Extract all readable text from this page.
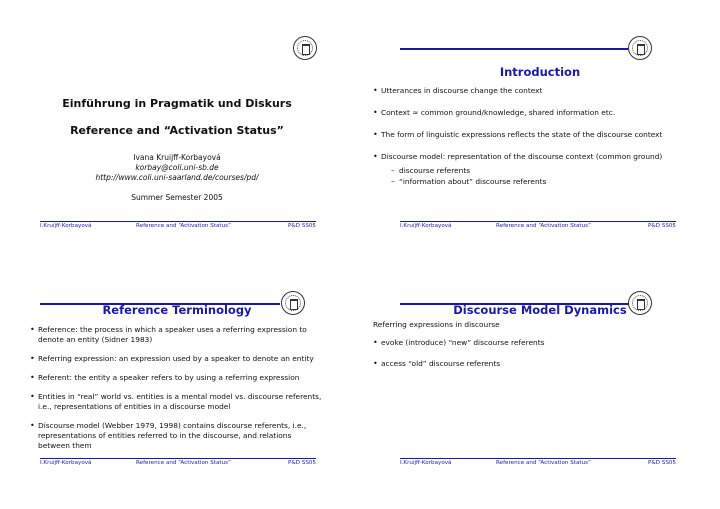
Einführung in Pragmatik und Diskurs
Reference and “Activation Status”
Ivana Kruijff-Korbayová
korbay@coli.uni-sb.de
http://www.coli.uni-saarland.de/courses/pd/
Summer Semester 2005
I.Kruijff-Korbayová	Reference and “Activation Status”	P&D SS05
Introduction
• Utterances in discourse change the context
• Context ≈ common ground/knowledge, shared information etc.
• The form of linguistic expressions reflects the state of the discourse context
• Discourse model: representation of the discourse context (common ground)
– discourse referents
– “information about” discourse referents
I.Kruijff-Korbayová	Reference and “Activation Status”	P&D SS05
Reference Terminology
• Reference: the process in which a speaker uses a referring expression to denote an entity (Sidner 1983)
• Referring expression: an expression used by a speaker to denote an entity
• Referent: the entity a speaker refers to by using a referring expression
• Entities in “real” world vs. entities is a mental model vs. discourse referents, i.e., representations of entities in a discourse model
• Discourse model (Webber 1979, 1998) contains discourse referents, i.e., representations of entities referred to in the discourse, and relations between them
I.Kruijff-Korbayová	Reference and “Activation Status”	P&D SS05
Discourse Model Dynamics
Referring expressions in discourse
• evoke (introduce) “new” discourse referents
• access “old” discourse referents
I.Kruijff-Korbayová	Reference and “Activation Status”	P&D SS05
